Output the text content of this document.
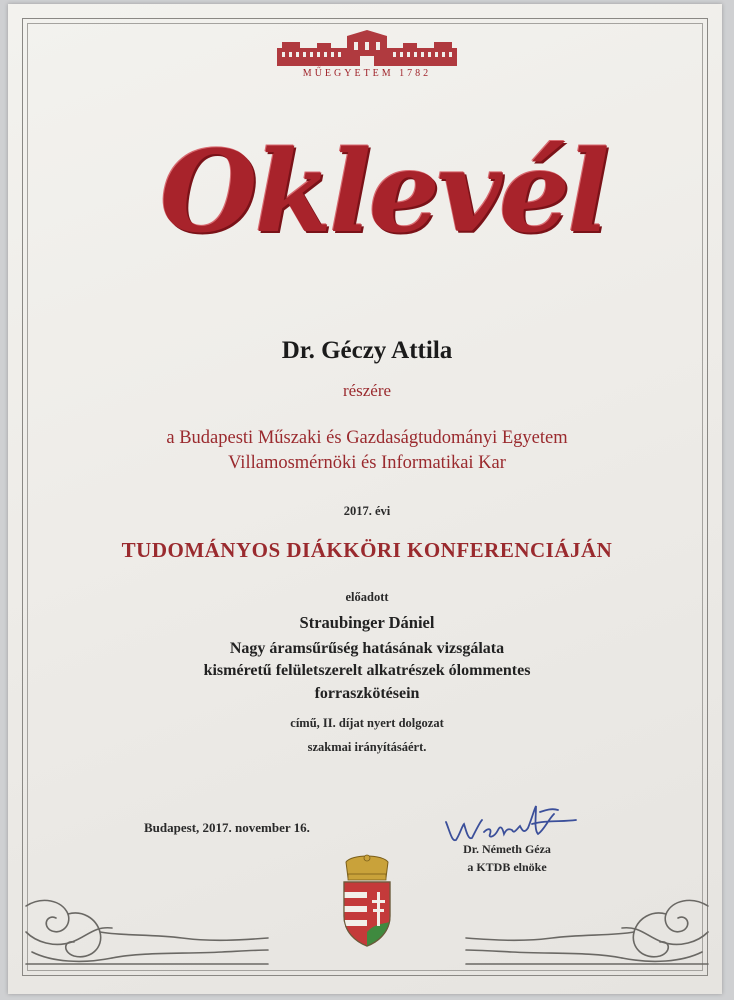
MŰEGYETEM 1782
Oklevél
Dr. Géczy Attila
részére
a Budapesti Műszaki és Gazdaságtudományi Egyetem
Villamosmérnöki és Informatikai Kar
2017. évi
TUDOMÁNYOS DIÁKKÖRI KONFERENCIÁJÁN
előadott
Straubinger Dániel
Nagy áramsűrűség hatásának vizsgálata
kisméretű felületszerelt alkatrészek ólommentes
forraszkötésein
című, II. díjat nyert dolgozat
szakmai irányításáért.
Budapest, 2017. november 16.
Dr. Németh Géza
a KTDB elnöke
